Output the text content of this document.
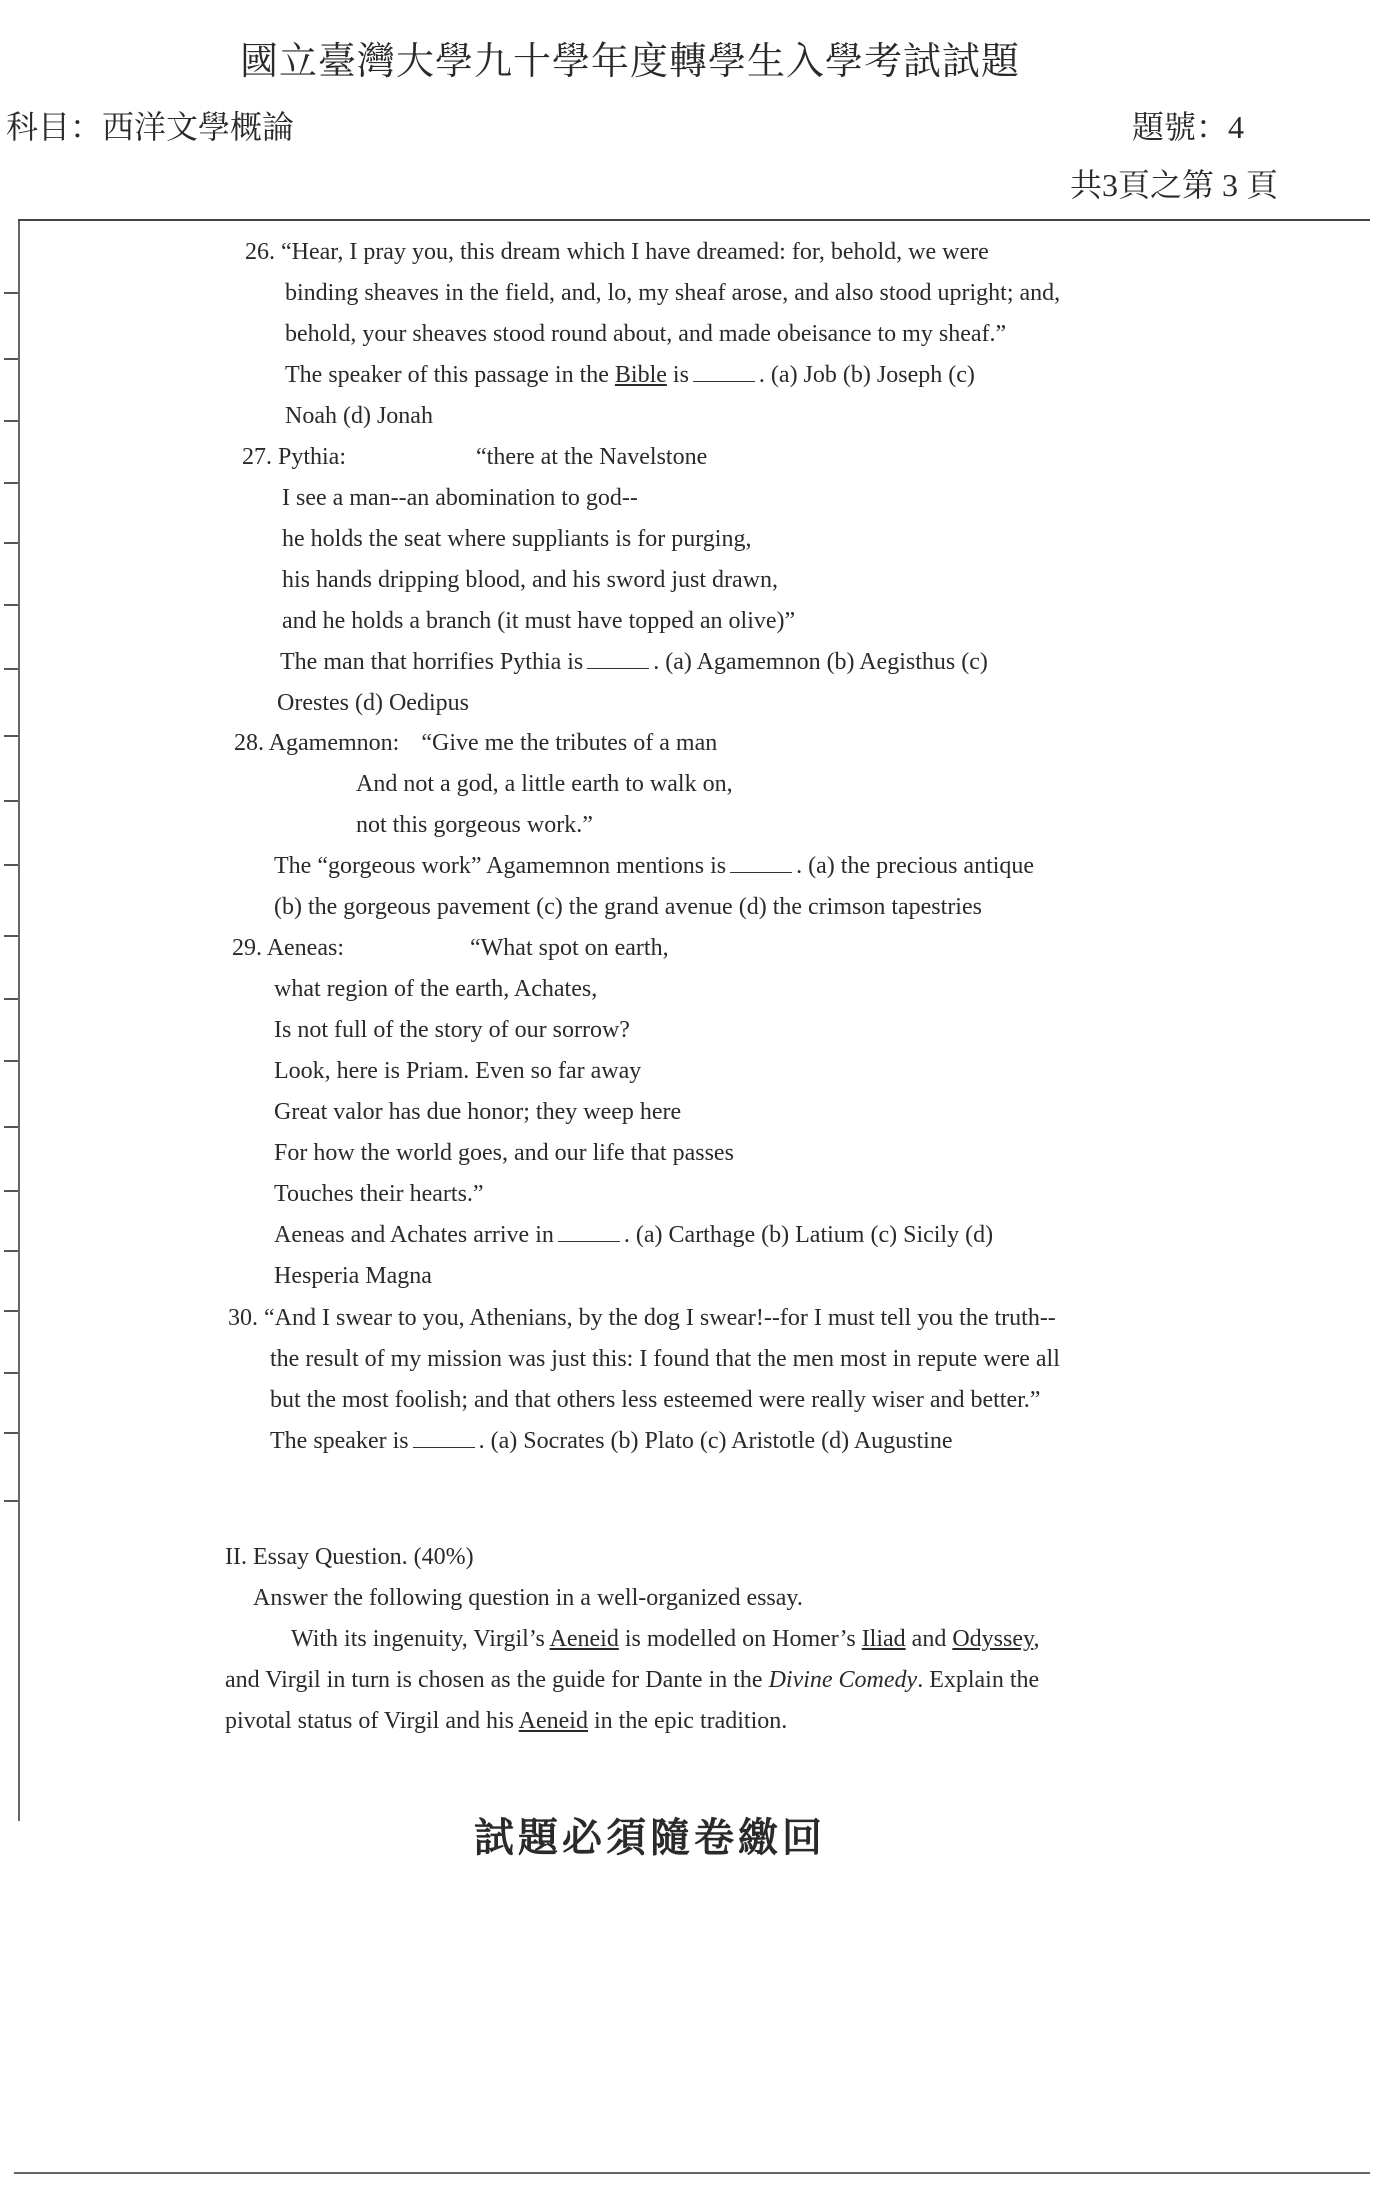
國立臺灣大學九十學年度轉學生入學考試試題
科目：西洋文學概論	題號：4
共3頁之第 3 頁

26. “Hear, I pray you, this dream which I have dreamed: for, behold, we were

binding sheaves in the field, and, lo, my sheaf arose, and also stood upright; and,

behold, your sheaves stood round about, and made obeisance to my sheaf.”

The speaker of this passage in the Bible is	. (a) Job (b) Joseph (c)

Noah (d) Jonah

27. Pythia:	“there at the Navelstone

I see a man--an abomination to god--

he holds the seat where suppliants is for purging,

his hands dripping blood, and his sword just drawn,

and he holds a branch (it must have topped an olive)”

The man that horrifies Pythia is	. (a) Agamemnon (b) Aegisthus (c)

Orestes (d) Oedipus

28. Agamemnon: “Give me the tributes of a man

And not a god, a little earth to walk on,

not this gorgeous work.”

The “gorgeous work” Agamemnon mentions is	. (a) the precious antique

(b) the gorgeous pavement (c) the grand avenue (d) the crimson tapestries

29. Aeneas:	“What spot on earth,

what region of the earth, Achates,

Is not full of the story of our sorrow?

Look, here is Priam. Even so far away

Great valor has due honor; they weep here

For how the world goes, and our life that passes

Touches their hearts.”

Aeneas and Achates arrive in	. (a) Carthage (b) Latium (c) Sicily (d)

Hesperia Magna

30. “And I swear to you, Athenians, by the dog I swear!--for I must tell you the truth--

the result of my mission was just this: I found that the men most in repute were all

but the most foolish; and that others less esteemed were really wiser and better.”

The speaker is	. (a) Socrates (b) Plato (c) Aristotle (d) Augustine

II. Essay Question. (40%)

Answer the following question in a well-organized essay.

With its ingenuity, Virgil’s Aeneid is modelled on Homer’s Iliad and Odyssey,

and Virgil in turn is chosen as the guide for Dante in the Divine Comedy. Explain the

pivotal status of Virgil and his Aeneid in the epic tradition.

試題必須隨卷繳回
